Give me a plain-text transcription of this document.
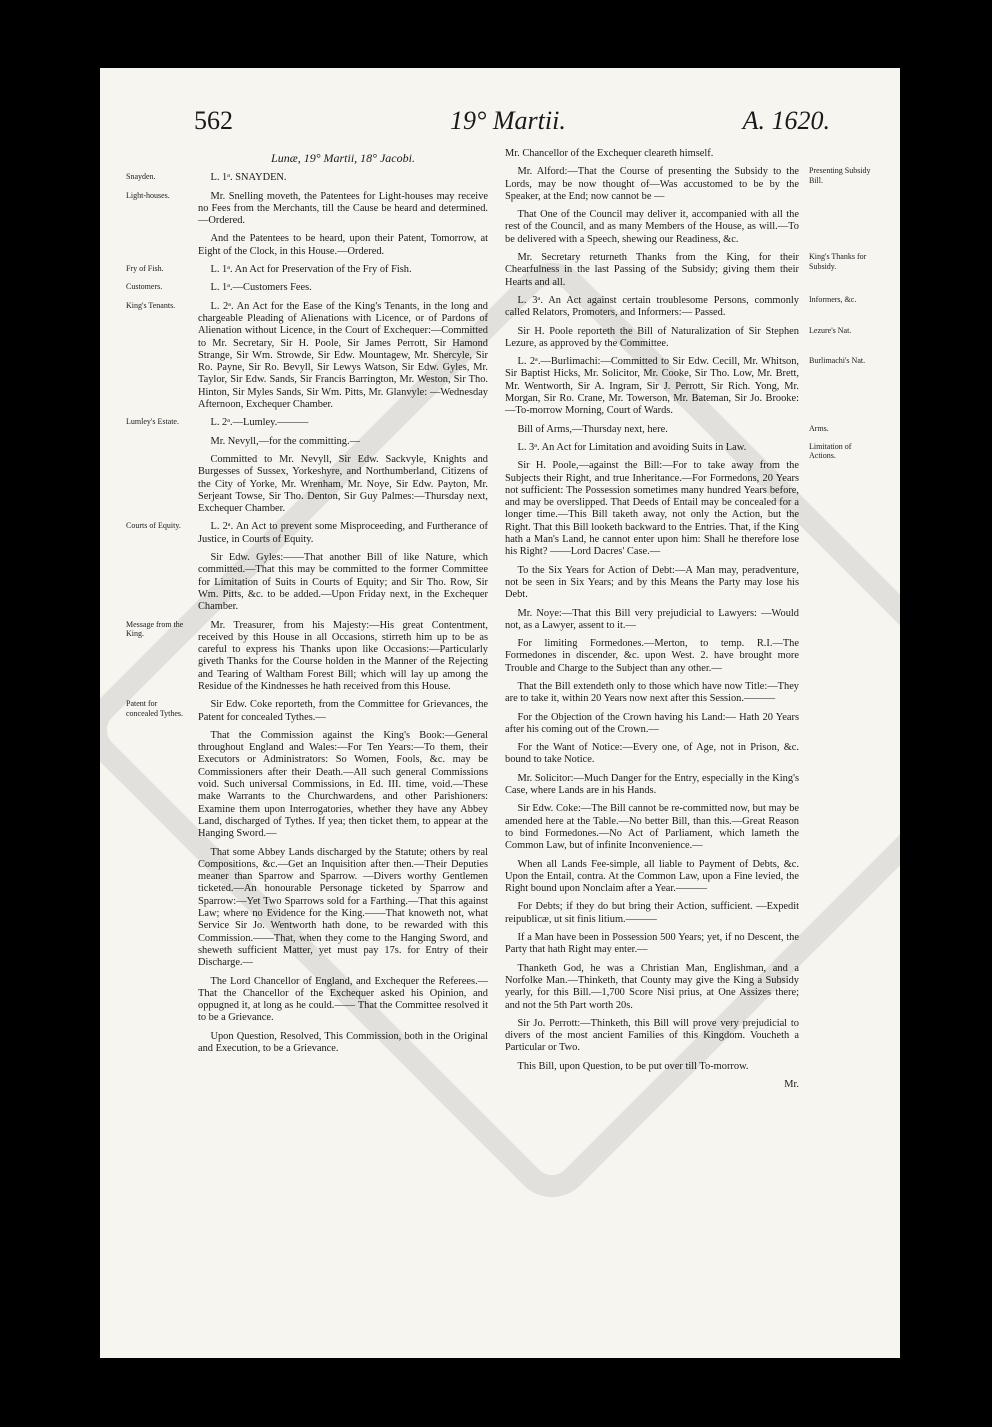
562	19° Martii.	A. 1620.
Lunæ, 19° Martii, 18° Jacobi.
Snayden.	L. 1ᵃ. SNAYDEN.

Light-houses.	Mr. Snelling moveth, the Patentees for Light-houses may receive no Fees from the Merchants, till the Cause be heard and determined.—Ordered.

And the Patentees to be heard, upon their Patent, Tomorrow, at Eight of the Clock, in this House.—Ordered.

Fry of Fish.	L. 1ᵃ. An Act for Preservation of the Fry of Fish.

Customers.	L. 1ᵃ.—Customers Fees.

King's Tenants.	L. 2ᵃ. An Act for the Ease of the King's Tenants, in the long and chargeable Pleading of Alienations with Licence, or of Pardons of Alienation without Licence, in the Court of Exchequer:—Committed to Mr. Secretary, Sir H. Poole, Sir James Perrott, Sir Hamond Strange, Sir Wm. Strowde, Sir Edw. Mountagew, Mr. Shercyle, Sir Ro. Payne, Sir Ro. Bevyll, Sir Lewys Watson, Sir Edw. Gyles, Mr. Taylor, Sir Edw. Sands, Sir Francis Barrington, Mr. Weston, Sir Tho. Hinton, Sir Myles Sands, Sir Wm. Pitts, Mr. Glanvyle: —Wednesday Afternoon, Exchequer Chamber.

Lumley's Estate.	L. 2ᵃ.—Lumley.———

Mr. Nevyll,—for the committing.—

Committed to Mr. Nevyll, Sir Edw. Sackvyle, Knights and Burgesses of Sussex, Yorkeshyre, and Northumberland, Citizens of the City of Yorke, Mr. Wrenham, Mr. Noye, Sir Edw. Payton, Mr. Serjeant Towse, Sir Tho. Denton, Sir Guy Palmes:—Thursday next, Exchequer Chamber.

Courts of Equity.	L. 2ᵃ. An Act to prevent some Misproceeding, and Furtherance of Justice, in Courts of Equity.

Sir Edw. Gyles:——That another Bill of like Nature, which committed.—That this may be committed to the former Committee for Limitation of Suits in Courts of Equity; and Sir Tho. Row, Sir Wm. Pitts, &c. to be added.—Upon Friday next, in the Exchequer Chamber.

Message from the King.

Mr. Treasurer, from his Majesty:—His great Contentment, received by this House in all Occasions, stirreth him up to be as careful to express his Thanks upon like Occasions:—Particularly giveth Thanks for the Course holden in the Manner of the Rejecting and Tearing of Waltham Forest Bill; which will lay up among the Residue of the Kindnesses he hath received from this House.

Patent for concealed Tythes.

Sir Edw. Coke reporteth, from the Committee for Grievances, the Patent for concealed Tythes.—

That the Commission against the King's Book:—General throughout England and Wales:—For Ten Years:—To them, their Executors or Administrators: So Women, Fools, &c. may be Commissioners after their Death.—All such general Commissions void. Such universal Commissions, in Ed. III. time, void.—These make Warrants to the Churchwardens, and other Parishioners: Examine them upon Interrogatories, whether they have any Abbey Land, discharged of Tythes. If yea; then ticket them, to appear at the Hanging Sword.—

That some Abbey Lands discharged by the Statute; others by real Compositions, &c.—Get an Inquisition after then.—Their Deputies meaner than Sparrow and Sparrow. —Divers worthy Gentlemen ticketed.—An honourable Personage ticketed by Sparrow and Sparrow:—Yet Two Sparrows sold for a Farthing.—That this against Law; where no Evidence for the King.——That knoweth not, what Service Sir Jo. Wentworth hath done, to be rewarded with this Commission.——That, when they come to the Hanging Sword, and sheweth sufficient Matter, yet must pay 17s. for Entry of their Discharge.—

The Lord Chancellor of England, and Exchequer the Referees.—That the Chancellor of the Exchequer asked his Opinion, and oppugned it, at long as he could.—— That the Committee resolved it to be a Grievance.

Upon Question, Resolved, This Commission, both in the Original and Execution, to be a Grievance.

Mr. Chancellor of the Exchequer cleareth himself.

Presenting Subsidy Bill.

Mr. Alford:—That the Course of presenting the Subsidy to the Lords, may be now thought of—Was accustomed to be by the Speaker, at the End; now cannot be —

That One of the Council may deliver it, accompanied with all the rest of the Council, and as many Members of the House, as will.—To be delivered with a Speech, shewing our Readiness, &c.

King's Thanks for Subsidy.

Mr. Secretary returneth Thanks from the King, for their Chearfulness in the last Passing of the Subsidy; giving them their Hearts and all.

Informers, &c.

L. 3ᵃ. An Act against certain troublesome Persons, commonly called Relators, Promoters, and Informers:— Passed.

Lezure's Nat.

Sir H. Poole reporteth the Bill of Naturalization of Sir Stephen Lezure, as approved by the Committee.

Burlimachi's Nat.

L. 2ᵃ.—Burlimachi:—Committed to Sir Edw. Cecill, Mr. Whitson, Sir Baptist Hicks, Mr. Solicitor, Mr. Cooke, Sir Tho. Low, Mr. Brett, Mr. Wentworth, Sir A. Ingram, Sir J. Perrott, Sir Rich. Yong, Mr. Morgan, Sir Ro. Crane, Mr. Towerson, Mr. Bateman, Sir Jo. Brooke:—To-morrow Morning, Court of Wards.

Arms.

Bill of Arms,—Thursday next, here.

Limitation of Actions.

L. 3ᵃ. An Act for Limitation and avoiding Suits in Law.

Sir H. Poole,—against the Bill:—For to take away from the Subjects their Right, and true Inheritance.—For Formedons, 20 Years not sufficient: The Possession sometimes many hundred Years before, and may be overslipped. That Deeds of Entail may be concealed for a longer time.—This Bill taketh away, not only the Action, but the Right. That this Bill looketh backward to the Entries. That, if the King hath a Man's Land, he cannot enter upon him: Shall he therefore lose his Right? ——Lord Dacres' Case.—

To the Six Years for Action of Debt:—A Man may, peradventure, not be seen in Six Years; and by this Means the Party may lose his Debt.

Mr. Noye:—That this Bill very prejudicial to Lawyers: —Would not, as a Lawyer, assent to it.—

For limiting Formedones.—Merton, to temp. R.I.—The Formedones in discender, &c. upon West. 2. have brought more Trouble and Charge to the Subject than any other.—

That the Bill extendeth only to those which have now Title:—They are to take it, within 20 Years now next after this Session.———

For the Objection of the Crown having his Land:— Hath 20 Years after his coming out of the Crown.—

For the Want of Notice:—Every one, of Age, not in Prison, &c. bound to take Notice.

Mr. Solicitor:—Much Danger for the Entry, especially in the King's Case, where Lands are in his Hands.

Sir Edw. Coke:—The Bill cannot be re-committed now, but may be amended here at the Table.—No better Bill, than this.—Great Reason to bind Formedones.—No Act of Parliament, which lameth the Common Law, but of infinite Inconvenience.—

When all Lands Fee-simple, all liable to Payment of Debts, &c. Upon the Entail, contra. At the Common Law, upon a Fine levied, the Right bound upon Nonclaim after a Year.———

For Debts; if they do but bring their Action, sufficient. —Expedit reipublicæ, ut sit finis litium.———

If a Man have been in Possession 500 Years; yet, if no Descent, the Party that hath Right may enter.—

Thanketh God, he was a Christian Man, Englishman, and a Norfolke Man.—Thinketh, that County may give the King a Subsidy yearly, for this Bill.—1,700 Score Nisi prius, at One Assizes there; and not the 5th Part worth 20s.

Sir Jo. Perrott:—Thinketh, this Bill will prove very prejudicial to divers of the most ancient Families of this Kingdom. Voucheth a Particular or Two.

This Bill, upon Question, to be put over till To-morrow.

Mr.
